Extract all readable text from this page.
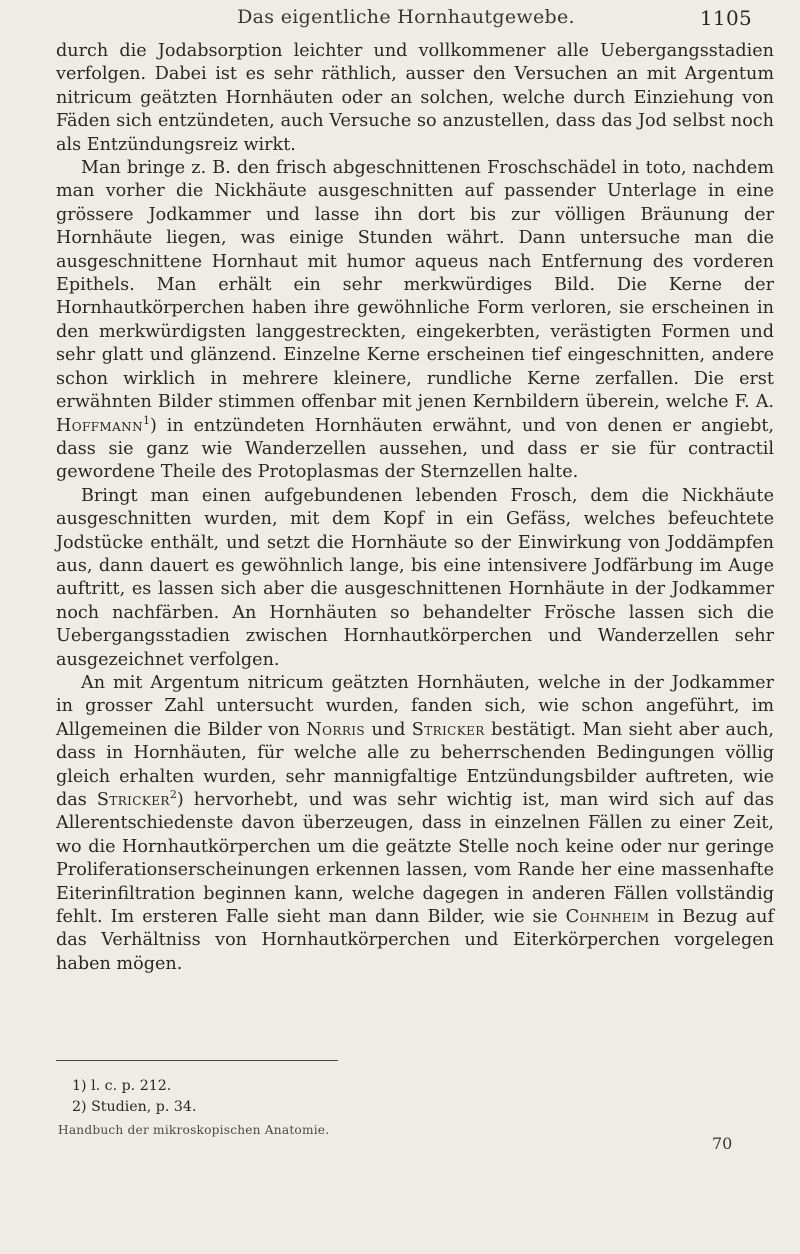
Das eigentliche Hornhautgewebe.	1105

durch die Jodabsorption leichter und vollkommener alle Uebergangsstadien verfolgen. Dabei ist es sehr räthlich, ausser den Versuchen an mit Argentum nitricum geätzten Hornhäuten oder an solchen, welche durch Einziehung von Fäden sich entzündeten, auch Versuche so anzustellen, dass das Jod selbst noch als Entzündungsreiz wirkt.

Man bringe z. B. den frisch abgeschnittenen Froschschädel in toto, nachdem man vorher die Nickhäute ausgeschnitten auf passender Unterlage in eine grössere Jodkammer und lasse ihn dort bis zur völligen Bräunung der Hornhäute liegen, was einige Stunden währt. Dann untersuche man die ausgeschnittene Hornhaut mit humor aqueus nach Entfernung des vorderen Epithels. Man erhält ein sehr merkwürdiges Bild. Die Kerne der Hornhautkörperchen haben ihre gewöhnliche Form verloren, sie erscheinen in den merkwürdigsten langgestreckten, eingekerbten, verästigten Formen und sehr glatt und glänzend. Einzelne Kerne erscheinen tief eingeschnitten, andere schon wirklich in mehrere kleinere, rundliche Kerne zerfallen. Die erst erwähnten Bilder stimmen offenbar mit jenen Kernbildern überein, welche F. A. Hoffmann$^1$) in entzündeten Hornhäuten erwähnt, und von denen er angiebt, dass sie ganz wie Wanderzellen aussehen, und dass er sie für contractil gewordene Theile des Protoplasmas der Sternzellen halte.

Bringt man einen aufgebundenen lebenden Frosch, dem die Nickhäute ausgeschnitten wurden, mit dem Kopf in ein Gefäss, welches befeuchtete Jodstücke enthält, und setzt die Hornhäute so der Einwirkung von Joddämpfen aus, dann dauert es gewöhnlich lange, bis eine intensivere Jodfärbung im Auge auftritt, es lassen sich aber die ausgeschnittenen Hornhäute in der Jodkammer noch nachfärben. An Hornhäuten so behandelter Frösche lassen sich die Uebergangsstadien zwischen Hornhautkörperchen und Wanderzellen sehr ausgezeichnet verfolgen.

An mit Argentum nitricum geätzten Hornhäuten, welche in der Jodkammer in grosser Zahl untersucht wurden, fanden sich, wie schon angeführt, im Allgemeinen die Bilder von Norris und Stricker bestätigt. Man sieht aber auch, dass in Hornhäuten, für welche alle zu beherrschenden Bedingungen völlig gleich erhalten wurden, sehr mannigfaltige Entzündungsbilder auftreten, wie das Stricker$^2$) hervorhebt, und was sehr wichtig ist, man wird sich auf das Allerentschiedenste davon überzeugen, dass in einzelnen Fällen zu einer Zeit, wo die Hornhautkörperchen um die geätzte Stelle noch keine oder nur geringe Proliferationserscheinungen erkennen lassen, vom Rande her eine massenhafte Eiterinfiltration beginnen kann, welche dagegen in anderen Fällen vollständig fehlt. Im ersteren Falle sieht man dann Bilder, wie sie Cohnheim in Bezug auf das Verhältniss von Hornhautkörperchen und Eiterkörperchen vorgelegen haben mögen.

1) l. c. p. 212.

2) Studien, p. 34.

Handbuch der mikroskopischen Anatomie.
70
